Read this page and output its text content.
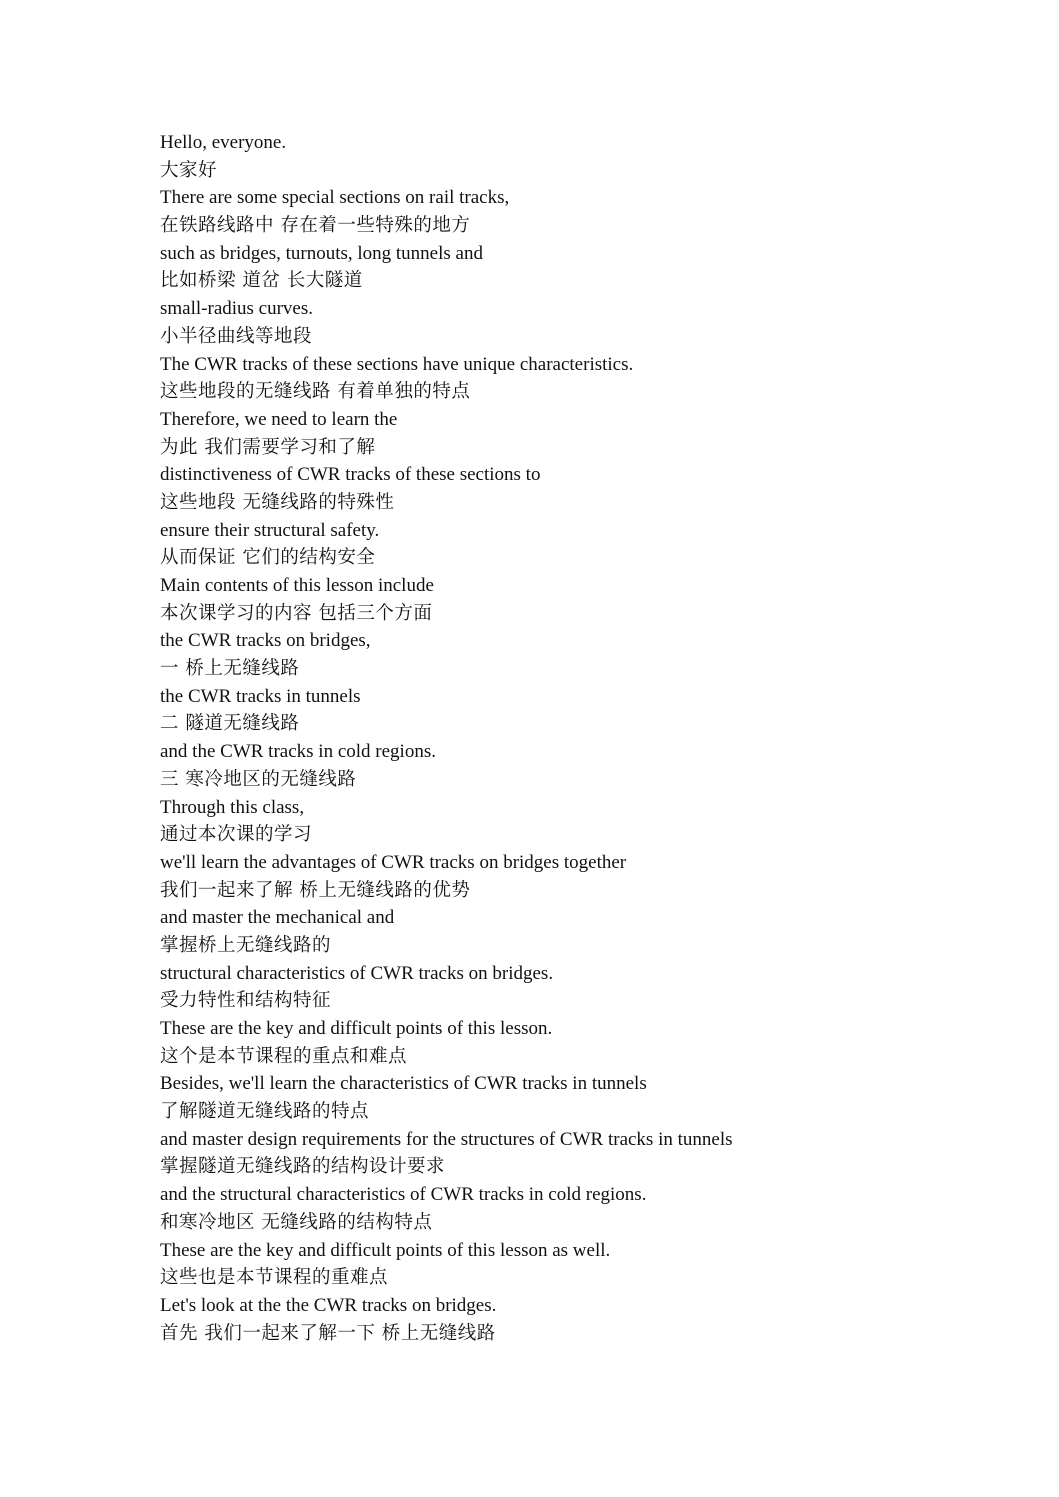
Hello, everyone.
大家好
There are some special sections on rail tracks,
在铁路线路中 存在着一些特殊的地方
such as bridges, turnouts, long tunnels and
比如桥梁 道岔 长大隧道
small-radius curves.
小半径曲线等地段
The CWR tracks of these sections have unique characteristics.
这些地段的无缝线路 有着单独的特点
Therefore, we need to learn the
为此 我们需要学习和了解
distinctiveness of CWR tracks of these sections to
这些地段 无缝线路的特殊性
ensure their structural safety.
从而保证 它们的结构安全
Main contents of this lesson include
本次课学习的内容 包括三个方面
the CWR tracks on bridges,
一 桥上无缝线路
the CWR tracks in tunnels
二 隧道无缝线路
and the CWR tracks in cold regions.
三 寒冷地区的无缝线路
Through this class,
通过本次课的学习
we'll learn the advantages of CWR tracks on bridges together
我们一起来了解 桥上无缝线路的优势
and master the mechanical and
掌握桥上无缝线路的
structural characteristics of CWR tracks on bridges.
受力特性和结构特征
These are the key and difficult points of this lesson.
这个是本节课程的重点和难点
Besides, we'll learn the characteristics of CWR tracks in tunnels
了解隧道无缝线路的特点
and master design requirements for the structures of CWR tracks in tunnels
掌握隧道无缝线路的结构设计要求
and the structural characteristics of CWR tracks in cold regions.
和寒冷地区 无缝线路的结构特点
These are the key and difficult points of this lesson as well.
这些也是本节课程的重难点
Let's look at the the CWR tracks on bridges.
首先 我们一起来了解一下 桥上无缝线路
